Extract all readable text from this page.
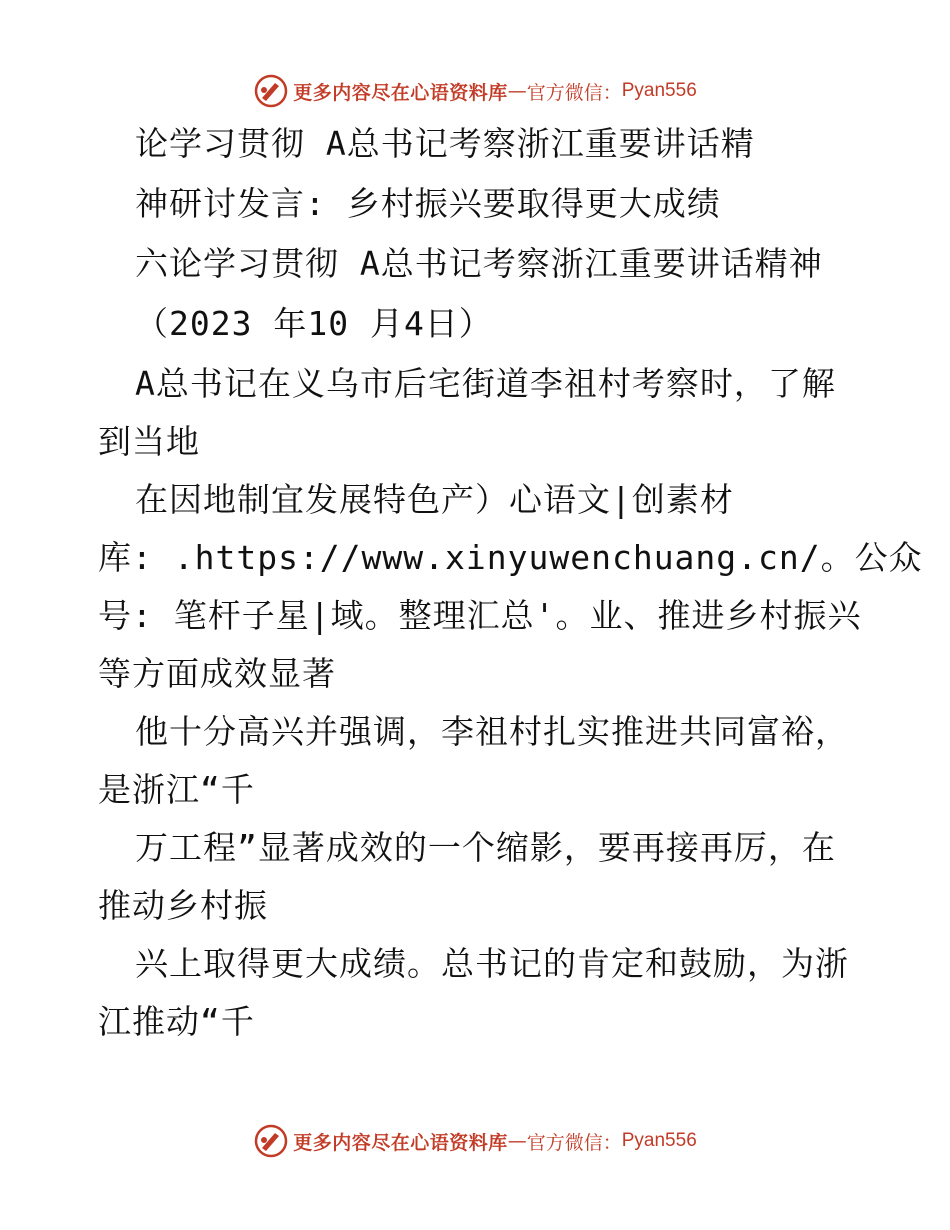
更多内容尽在心语资料库 — 官方微信： Pyan556
论学习贯彻 A总书记考察浙江重要讲话精
神研讨发言: 乡村振兴要取得更大成绩
六论学习贯彻 A总书记考察浙江重要讲话精神
（2023 年10 月4日）
A总书记在义乌市后宅街道李祖村考察时，了解
到当地
在因地制宜发展特色产）心语文|创素材
库: .https://www.xinyuwenchuang.cn/。公众
号: 笔杆子星|域。整理汇总'。业、推进乡村振兴
等方面成效显著
他十分高兴并强调，李祖村扎实推进共同富裕，
是浙江“千
万工程”显著成效的一个缩影，要再接再厉，在
推动乡村振
兴上取得更大成绩。总书记的肯定和鼓励，为浙
江推动“千
更多内容尽在心语资料库 — 官方微信： Pyan556
